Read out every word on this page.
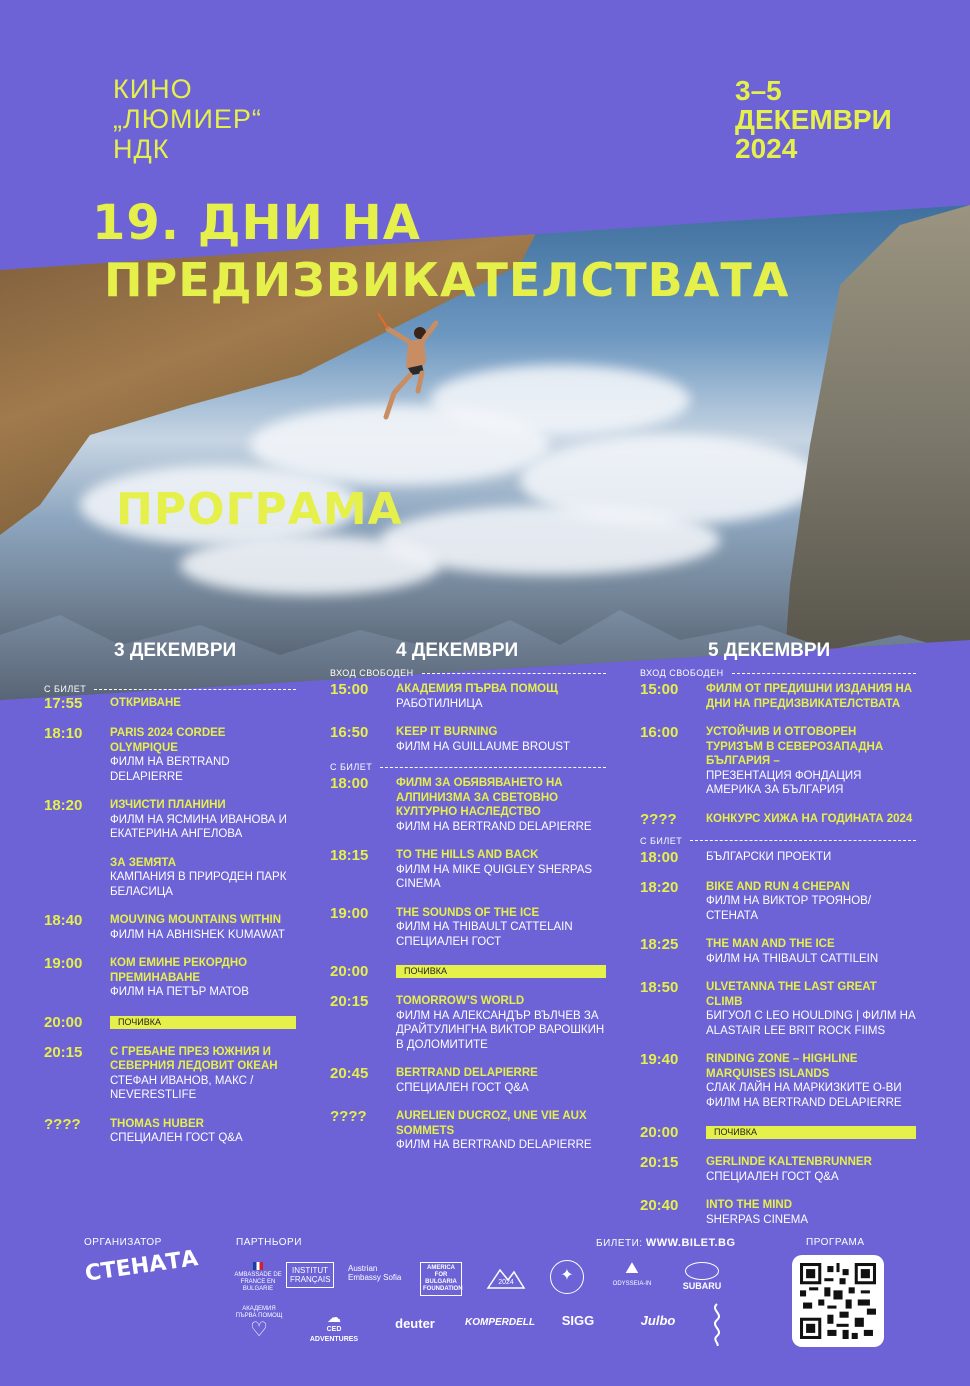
КИНО
„ЛЮМИЕР“
НДК
3–5
ДЕКЕМВРИ
2024
19. ДНИ НА
ПРЕДИЗВИКАТЕЛСТВАТА
ПРОГРАМА
3 ДЕКЕМВРИ	4 ДЕКЕМВРИ	5 ДЕКЕМВРИ
С БИЛЕТ
17:55	ОТКРИВАНЕ
18:10	PARIS 2024 CORDEE OLYMPIQUE
ФИЛМ НА BERTRAND DELAPIERRE
18:20	ИЗЧИСТИ ПЛАНИНИ
ФИЛМ НА ЯСМИНА ИВАНОВА И ЕКАТЕРИНА АНГЕЛОВА
ЗА ЗЕМЯТА
КАМПАНИЯ В ПРИРОДЕН ПАРК БЕЛАСИЦА
18:40	MOUVING MOUNTAINS WITHIN
ФИЛМ НА ABHISHEK KUMAWAT
19:00	КОМ ЕМИНЕ РЕКОРДНО ПРЕМИНАВАНЕ
ФИЛМ НА ПЕТЪР МАТОВ
20:00	ПОЧИВКА
20:15	С ГРЕБАНЕ ПРЕЗ ЮЖНИЯ И СЕВЕРНИЯ ЛЕДОВИТ ОКЕАН
СТЕФАН ИВАНОВ, МАКС / NEVERESTLIFE
????	THOMAS HUBER
СПЕЦИАЛЕН ГОСТ Q&A
ВХОД СВОБОДЕН
15:00	АКАДЕМИЯ ПЪРВА ПОМОЩ
РАБОТИЛНИЦА
16:50	KEEP IT BURNING
ФИЛМ НА GUILLAUME BROUST
С БИЛЕТ
18:00	ФИЛМ ЗА ОБЯВЯВАНЕТО НА АЛПИНИЗМА ЗА СВЕТОВНО КУЛТУРНО НАСЛЕДСТВО
ФИЛМ НА BERTRAND DELAPIERRE
18:15	TO THE HILLS AND BACK
ФИЛМ НА MIKE QUIGLEY SHERPAS CINEMA
19:00	THE SOUNDS OF THE ICE
ФИЛМ НА THIBAULT CATTELAIN СПЕЦИАЛЕН ГОСТ
20:00	ПОЧИВКА
20:15	TOMORROW’S WORLD
ФИЛМ НА АЛЕКСАНДЪР ВЪЛЧЕВ ЗА ДРАЙТУЛИНГНА ВИКТОР ВАРОШКИН В ДОЛОМИТИТЕ
20:45	BERTRAND DELAPIERRE
СПЕЦИАЛЕН ГОСТ Q&A
????	AURELIEN DUCROZ, UNE VIE AUX SOMMETS
ФИЛМ НА BERTRAND DELAPIERRE
ВХОД СВОБОДЕН
15:00	ФИЛМ ОТ ПРЕДИШНИ ИЗДАНИЯ НА ДНИ НА ПРЕДИЗВИКАТЕЛСТВАТА
16:00	УСТОЙЧИВ И ОТГОВОРЕН ТУРИЗЪМ В СЕВЕРОЗАПАДНА БЪЛГАРИЯ –
ПРЕЗЕНТАЦИЯ ФОНДАЦИЯ АМЕРИКА ЗА БЪЛГАРИЯ
????	КОНКУРС ХИЖА НА ГОДИНАТА 2024
С БИЛЕТ
18:00	БЪЛГАРСКИ ПРОЕКТИ
18:20	BIKE AND RUN 4 CHEPAN
ФИЛМ НА ВИКТОР ТРОЯНОВ/ СТЕНАТА
18:25	THE MAN AND THE ICE
ФИЛМ НА THIBAULT CATTILEIN
18:50	ULVETANNA THE LAST GREAT CLIMB
БИГУОЛ С LEO HOULDING | ФИЛМ НА ALASTAIR LEE BRIT ROCK FIIMS
19:40	RINDING ZONE – HIGHLINE MARQUISES ISLANDS
СЛАК ЛАЙН НА МАРКИЗКИТЕ О-ВИ ФИЛМ НА BERTRAND DELAPIERRE
20:00	ПОЧИВКА
20:15	GERLINDE KALTENBRUNNER
СПЕЦИАЛЕН ГОСТ Q&A
20:40	INTO THE MIND
SHERPAS CINEMA
ОРГАНИЗАТОР
СТЕНАТА
ПАРТНЬОРИ	БИЛЕТИ: WWW.BILET.BG	ПРОГРАМА
AMBASSADE DE FRANCE EN BULGARIE
INSTITUT FRANÇAIS
Austrian Embassy Sofia
AMERICA FOR BULGARIA FOUNDATION
2024	✦	⛰
ODYSSEIA-IN	SUBARU
АКАДЕМИЯ ПЪРВА ПОМОЩ
♡
☁
CED ADVENTURES
deuter	KOMPERDELL	SIGG	Julbo
